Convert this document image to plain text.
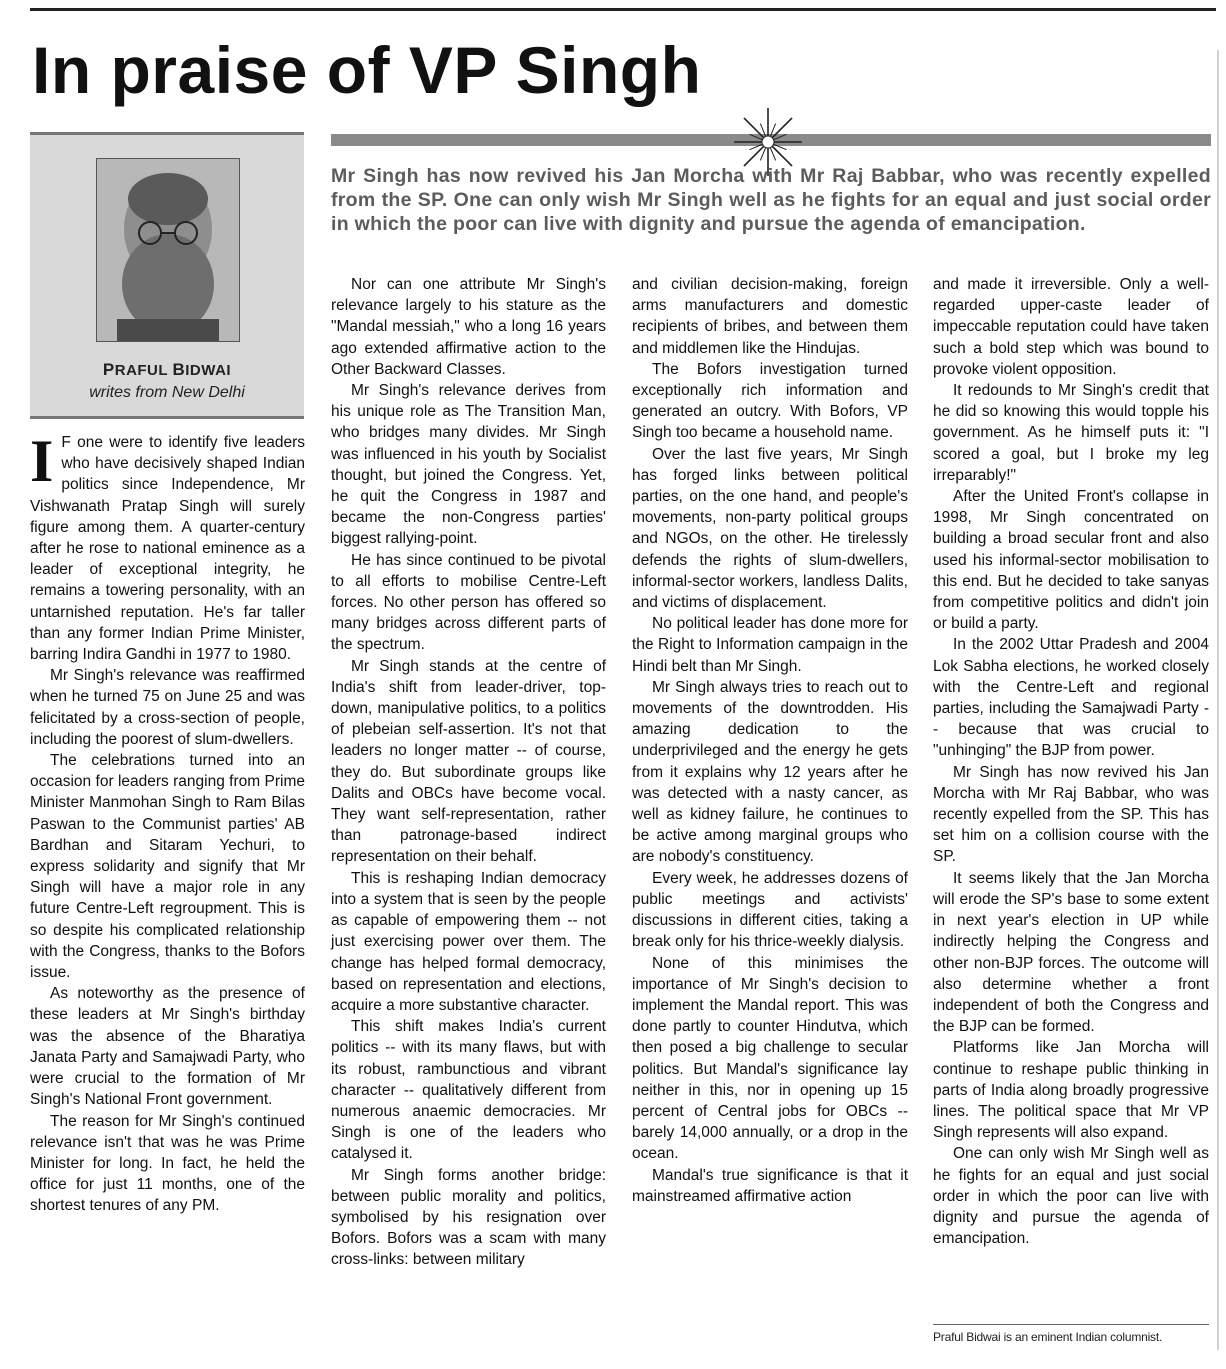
In praise of VP Singh
PRAFUL BIDWAI
writes from New Delhi

Mr Singh has now revived his Jan Morcha with Mr Raj Babbar, who was recently expelled from the SP. One can only wish Mr Singh well as he fights for an equal and just social order in which the poor can live with dignity and pursue the agenda of emancipation.

I F one were to identify five leaders who have decisively shaped Indian politics since Independence, Mr Vishwanath Pratap Singh will surely figure among them. A quarter-century after he rose to national eminence as a leader of exceptional integrity, he remains a towering personality, with an untarnished reputation. He's far taller than any former Indian Prime Minister, barring Indira Gandhi in 1977 to 1980.

Mr Singh's relevance was reaffirmed when he turned 75 on June 25 and was felicitated by a cross-section of people, including the poorest of slum-dwellers.

The celebrations turned into an occasion for leaders ranging from Prime Minister Manmohan Singh to Ram Bilas Paswan to the Communist parties' AB Bardhan and Sitaram Yechuri, to express solidarity and signify that Mr Singh will have a major role in any future Centre-Left regroupment. This is so despite his complicated relationship with the Congress, thanks to the Bofors issue.

As noteworthy as the presence of these leaders at Mr Singh's birthday was the absence of the Bharatiya Janata Party and Samajwadi Party, who were crucial to the formation of Mr Singh's National Front government.

The reason for Mr Singh's continued relevance isn't that was he was Prime Minister for long. In fact, he held the office for just 11 months, one of the shortest tenures of any PM.

Nor can one attribute Mr Singh's relevance largely to his stature as the "Mandal messiah," who a long 16 years ago extended affirmative action to the Other Backward Classes.

Mr Singh's relevance derives from his unique role as The Transition Man, who bridges many divides. Mr Singh was influenced in his youth by Socialist thought, but joined the Congress. Yet, he quit the Congress in 1987 and became the non-Congress parties' biggest rallying-point.

He has since continued to be pivotal to all efforts to mobilise Centre-Left forces. No other person has offered so many bridges across different parts of the spectrum.

Mr Singh stands at the centre of India's shift from leader-driver, top-down, manipulative politics, to a politics of plebeian self-assertion. It's not that leaders no longer matter -- of course, they do. But subordinate groups like Dalits and OBCs have become vocal. They want self-representation, rather than patronage-based indirect representation on their behalf.

This is reshaping Indian democracy into a system that is seen by the people as capable of empowering them -- not just exercising power over them. The change has helped formal democracy, based on representation and elections, acquire a more substantive character.

This shift makes India's current politics -- with its many flaws, but with its robust, rambunctious and vibrant character -- qualitatively different from numerous anaemic democracies. Mr Singh is one of the leaders who catalysed it.

Mr Singh forms another bridge: between public morality and politics, symbolised by his resignation over Bofors. Bofors was a scam with many cross-links: between military

and civilian decision-making, foreign arms manufacturers and domestic recipients of bribes, and between them and middlemen like the Hindujas.

The Bofors investigation turned exceptionally rich information and generated an outcry. With Bofors, VP Singh too became a household name.

Over the last five years, Mr Singh has forged links between political parties, on the one hand, and people's movements, non-party political groups and NGOs, on the other. He tirelessly defends the rights of slum-dwellers, informal-sector workers, landless Dalits, and victims of displacement.

No political leader has done more for the Right to Information campaign in the Hindi belt than Mr Singh.

Mr Singh always tries to reach out to movements of the downtrodden. His amazing dedication to the underprivileged and the energy he gets from it explains why 12 years after he was detected with a nasty cancer, as well as kidney failure, he continues to be active among marginal groups who are nobody's constituency.

Every week, he addresses dozens of public meetings and activists' discussions in different cities, taking a break only for his thrice-weekly dialysis.

None of this minimises the importance of Mr Singh's decision to implement the Mandal report. This was done partly to counter Hindutva, which then posed a big challenge to secular politics. But Mandal's significance lay neither in this, nor in opening up 15 percent of Central jobs for OBCs -- barely 14,000 annually, or a drop in the ocean.

Mandal's true significance is that it mainstreamed affirmative action

and made it irreversible. Only a well-regarded upper-caste leader of impeccable reputation could have taken such a bold step which was bound to provoke violent opposition.

It redounds to Mr Singh's credit that he did so knowing this would topple his government. As he himself puts it: "I scored a goal, but I broke my leg irreparably!"

After the United Front's collapse in 1998, Mr Singh concentrated on building a broad secular front and also used his informal-sector mobilisation to this end. But he decided to take sanyas from competitive politics and didn't join or build a party.

In the 2002 Uttar Pradesh and 2004 Lok Sabha elections, he worked closely with the Centre-Left and regional parties, including the Samajwadi Party -- because that was crucial to "unhinging" the BJP from power.

Mr Singh has now revived his Jan Morcha with Mr Raj Babbar, who was recently expelled from the SP. This has set him on a collision course with the SP.

It seems likely that the Jan Morcha will erode the SP's base to some extent in next year's election in UP while indirectly helping the Congress and other non-BJP forces. The outcome will also determine whether a front independent of both the Congress and the BJP can be formed.

Platforms like Jan Morcha will continue to reshape public thinking in parts of India along broadly progressive lines. The political space that Mr VP Singh represents will also expand.

One can only wish Mr Singh well as he fights for an equal and just social order in which the poor can live with dignity and pursue the agenda of emancipation.

Praful Bidwai is an eminent Indian columnist.
